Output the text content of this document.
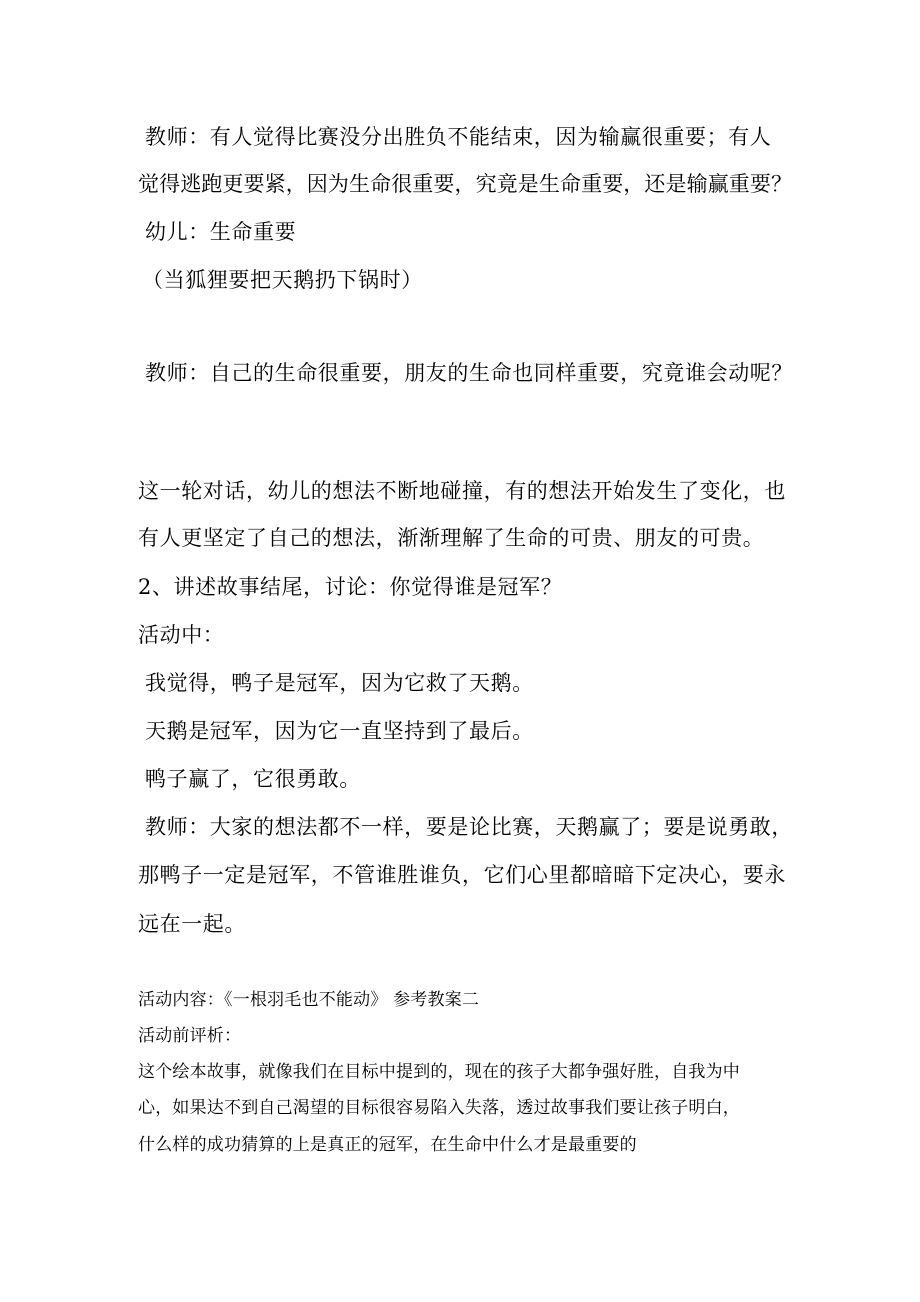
教师：有人觉得比赛没分出胜负不能结束，因为输赢很重要；有人

觉得逃跑更要紧，因为生命很重要，究竟是生命重要，还是输赢重要？

幼儿：生命重要

（当狐狸要把天鹅扔下锅时）

教师：自己的生命很重要，朋友的生命也同样重要，究竟谁会动呢？

这一轮对话，幼儿的想法不断地碰撞，有的想法开始发生了变化，也

有人更坚定了自己的想法，渐渐理解了生命的可贵、朋友的可贵。

2、讲述故事结尾，讨论：你觉得谁是冠军？

活动中：

我觉得，鸭子是冠军，因为它救了天鹅。

天鹅是冠军，因为它一直坚持到了最后。

鸭子赢了，它很勇敢。

教师：大家的想法都不一样，要是论比赛，天鹅赢了；要是说勇敢，

那鸭子一定是冠军，不管谁胜谁负，它们心里都暗暗下定决心，要永

远在一起。

活动内容：《一根羽毛也不能动》 参考教案二

活动前评析：

这个绘本故事，就像我们在目标中提到的，现在的孩子大都争强好胜，自我为中

心，如果达不到自己渴望的目标很容易陷入失落，透过故事我们要让孩子明白，

什么样的成功猜算的上是真正的冠军，在生命中什么才是最重要的
